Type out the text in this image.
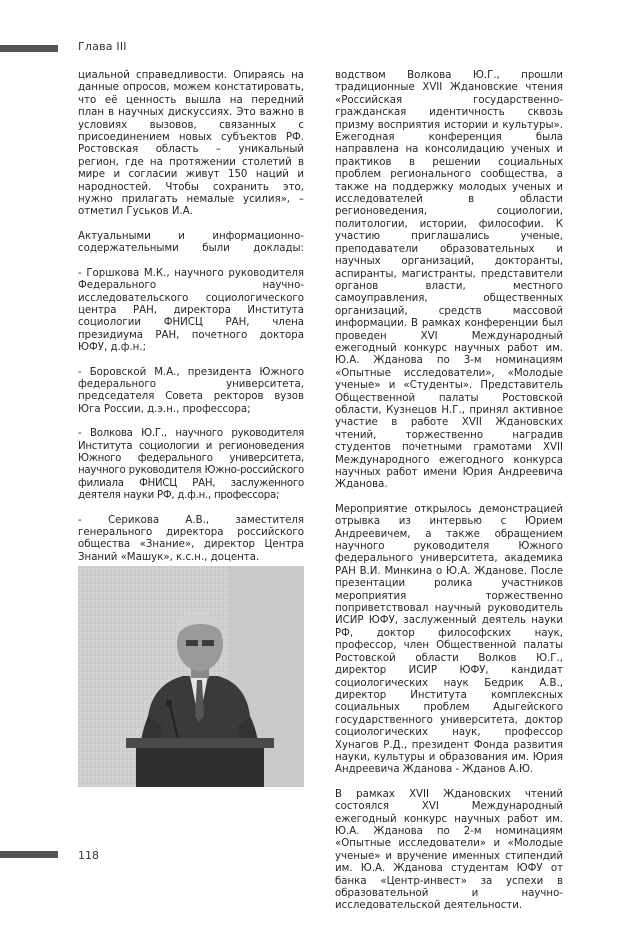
Глава III

циальной справедливости. Опираясь на данные опросов, можем констатировать, что её ценность вышла на передний план в научных дискуссиях. Это важно в условиях вызовов, связанных с присоединением новых субъектов РФ. Ростовская область – уникальный регион, где на протяжении столетий в мире и согласии живут 150 наций и народностей. Чтобы сохранить это, нужно прилагать немалые усилия», – отметил Гуськов И.А.

Актуальными и информационно-содержательными были доклады:

- Горшкова М.К., научного руководителя Федерального научно-исследовательского социологического центра РАН, директора Института социологии ФНИСЦ РАН, члена президиума РАН, почетного доктора ЮФУ, д.ф.н.;

- Боровской М.А., президента Южного федерального университета, председателя Совета ректоров вузов Юга России, д.э.н., профессора;

- Волкова Ю.Г., научного руководителя Института социологии и регионоведения Южного федерального университета, научного руководителя Южно-российского филиала ФНИСЦ РАН, заслуженного деятеля науки РФ, д.ф.н., профессора;

- Серикова А.В., заместителя генерального директора российского общества «Знание», директор Центра Знаний «Машук», к.с.н., доцента.

водством Волкова Ю.Г., прошли традиционные XVII Ждановские чтения «Российская государственно-гражданская идентичность сквозь призму восприятия истории и культуры». Ежегодная конференция была направлена на консолидацию ученых и практиков в решении социальных проблем регионального сообщества, а также на поддержку молодых ученых и исследователей в области регионоведения, социологии, политологии, истории, философии. К участию приглашались ученые, преподаватели образовательных и научных организаций, докторанты, аспиранты, магистранты, представители органов власти, местного самоуправления, общественных организаций, средств массовой информации. В рамках конференции был проведен XVI Международный ежегодный конкурс научных работ им. Ю.А. Жданова по 3-м номинациям «Опытные исследователи», «Молодые ученые» и «Студенты». Представитель Общественной палаты Ростовской области, Кузнецов Н.Г., принял активное участие в работе XVII Ждановских чтений, торжественно наградив студентов почетными грамотами XVII Международного ежегодного конкурса научных работ имени Юрия Андреевича Жданова.

Мероприятие открылось демонстрацией отрывка из интервью с Юрием Андреевичем, а также обращением научного руководителя Южного федерального университета, академика РАН В.И. Минкина о Ю.А. Жданове. После презентации ролика участников мероприятия торжественно поприветствовал научный руководитель ИСИР ЮФУ, заслуженный деятель науки РФ, доктор философских наук, профессор, член Общественной палаты Ростовской области Волков Ю.Г., директор ИСИР ЮФУ, кандидат социологических наук Бедрик А.В., директор Института комплексных социальных проблем Адыгейского государственного университета, доктор социологических наук, профессор Хунагов Р.Д., президент Фонда развития науки, культуры и образования им. Юрия Андреевича Жданова - Жданов А.Ю.

В рамках XVII Ждановских чтений состоялся XVI Международный ежегодный конкурс научных работ им. Ю.А. Жданова по 2-м номинациям «Опытные исследователи» и «Молодые ученые» и вручение именных стипендий им. Ю.А. Жданова студентам ЮФУ от банка «Центр-инвест» за успехи в образовательной и научно-исследовательской деятельности.

118
